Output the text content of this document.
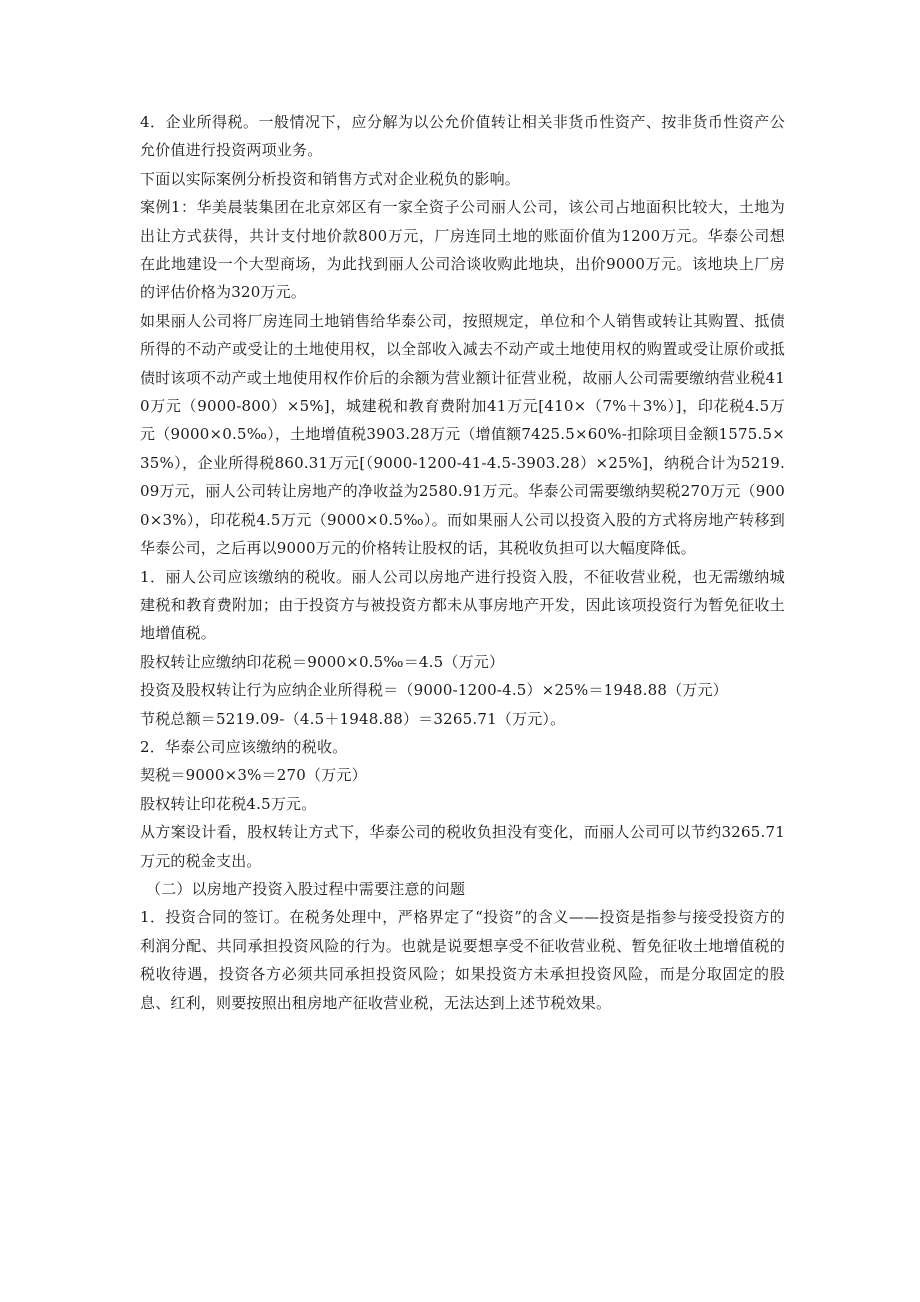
4．企业所得税。一般情况下，应分解为以公允价值转让相关非货币性资产、按非货币性资产公允价值进行投资两项业务。

下面以实际案例分析投资和销售方式对企业税负的影响。

案例1：华美晨装集团在北京郊区有一家全资子公司丽人公司，该公司占地面积比较大，土地为出让方式获得，共计支付地价款800万元，厂房连同土地的账面价值为1200万元。华泰公司想在此地建设一个大型商场，为此找到丽人公司洽谈收购此地块，出价9000万元。该地块上厂房的评估价格为320万元。

如果丽人公司将厂房连同土地销售给华泰公司，按照规定，单位和个人销售或转让其购置、抵债所得的不动产或受让的土地使用权，以全部收入减去不动产或土地使用权的购置或受让原价或抵债时该项不动产或土地使用权作价后的余额为营业额计征营业税，故丽人公司需要缴纳营业税410万元（9000-800）×5%]，城建税和教育费附加41万元[410×（7%＋3%）]，印花税4.5万元（9000×0.5‰），土地增值税3903.28万元（增值额7425.5×60%-扣除项目金额1575.5×35%），企业所得税860.31万元[（9000-1200-41-4.5-3903.28）×25%]，纳税合计为5219.09万元，丽人公司转让房地产的净收益为2580.91万元。华泰公司需要缴纳契税270万元（9000×3%），印花税4.5万元（9000×0.5‰）。而如果丽人公司以投资入股的方式将房地产转移到华泰公司，之后再以9000万元的价格转让股权的话，其税收负担可以大幅度降低。

1．丽人公司应该缴纳的税收。丽人公司以房地产进行投资入股，不征收营业税，也无需缴纳城建税和教育费附加；由于投资方与被投资方都未从事房地产开发，因此该项投资行为暂免征收土地增值税。

股权转让应缴纳印花税＝9000×0.5‰＝4.5（万元）

投资及股权转让行为应纳企业所得税＝（9000-1200-4.5）×25%＝1948.88（万元）

节税总额＝5219.09-（4.5＋1948.88）＝3265.71（万元）。

2．华泰公司应该缴纳的税收。

契税＝9000×3%＝270（万元）

股权转让印花税4.5万元。

从方案设计看，股权转让方式下，华泰公司的税收负担没有变化，而丽人公司可以节约3265.71万元的税金支出。

（二）以房地产投资入股过程中需要注意的问题

1．投资合同的签订。在税务处理中，严格界定了“投资”的含义——投资是指参与接受投资方的利润分配、共同承担投资风险的行为。也就是说要想享受不征收营业税、暂免征收土地增值税的税收待遇，投资各方必须共同承担投资风险；如果投资方未承担投资风险，而是分取固定的股息、红利，则要按照出租房地产征收营业税，无法达到上述节税效果。
